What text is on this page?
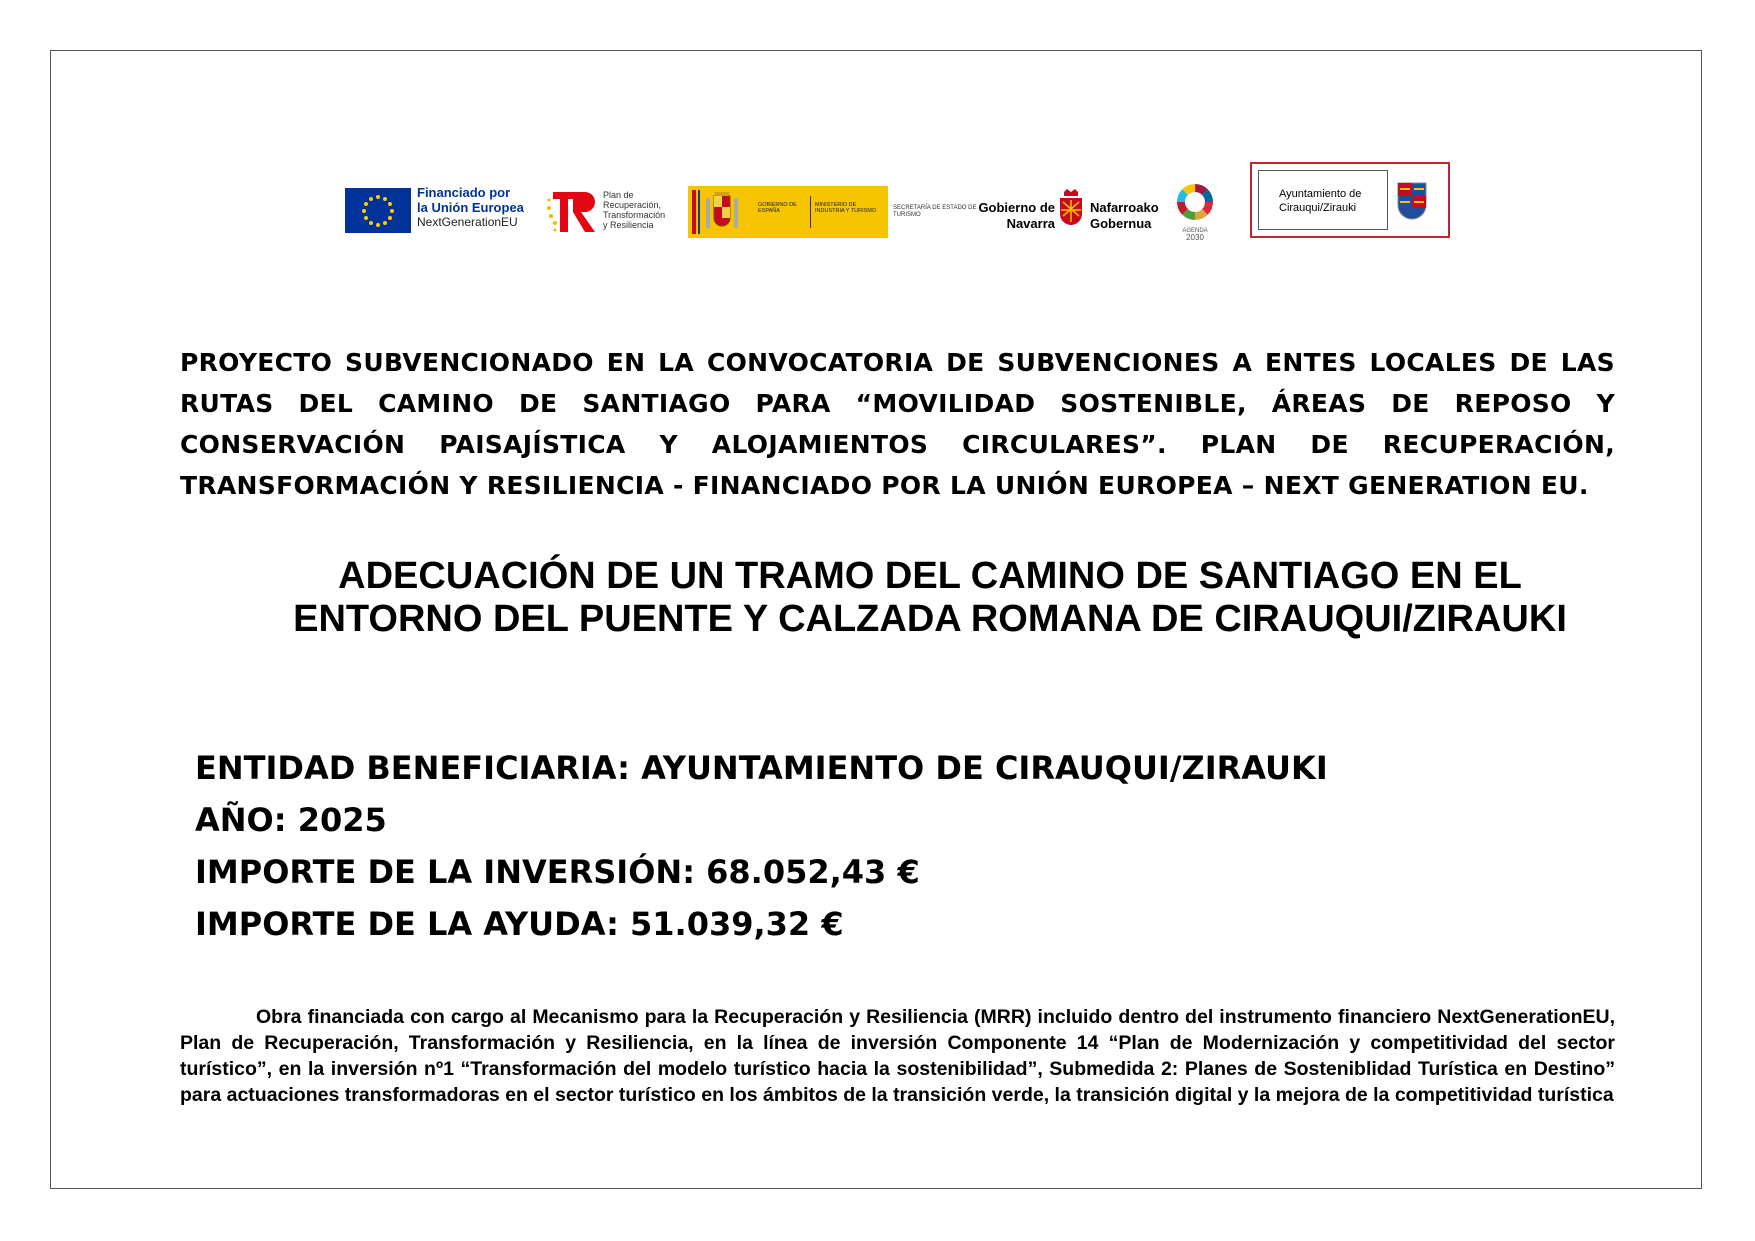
Financiado por
la Unión Europea
NextGenerationEU
Plan de
Recuperación,
Transformación
y Resiliencia
GOBIERNO DE ESPAÑA
MINISTERIO DE INDUSTRIA Y TURISMO	SECRETARÍA DE ESTADO DE TURISMO	Gobierno de Navarra
Nafarroako Gobernua	AGENDA
2030
Ayuntamiento de Cirauqui/Zirauki

PROYECTO SUBVENCIONADO EN LA CONVOCATORIA DE SUBVENCIONES A ENTES LOCALES DE LAS RUTAS DEL CAMINO DE SANTIAGO PARA “MOVILIDAD SOSTENIBLE, ÁREAS DE REPOSO Y CONSERVACIÓN PAISAJÍSTICA Y ALOJAMIENTOS CIRCULARES”. PLAN DE RECUPERACIÓN, TRANSFORMACIÓN Y RESILIENCIA - FINANCIADO POR LA UNIÓN EUROPEA – NEXT GENERATION EU.

ADECUACIÓN DE UN TRAMO DEL CAMINO DE SANTIAGO EN EL
ENTORNO DEL PUENTE Y CALZADA ROMANA DE CIRAUQUI/ZIRAUKI
ENTIDAD BENEFICIARIA: AYUNTAMIENTO DE CIRAUQUI/ZIRAUKI
AÑO: 2025
IMPORTE DE LA INVERSIÓN: 68.052,43 €
IMPORTE DE LA AYUDA: 51.039,32 €

Obra financiada con cargo al Mecanismo para la Recuperación y Resiliencia (MRR) incluido dentro del instrumento financiero NextGenerationEU, Plan de Recuperación, Transformación y Resiliencia, en la línea de inversión Componente 14 “Plan de Modernización y competitividad del sector turístico”, en la inversión nº1 “Transformación del modelo turístico hacia la sostenibilidad”, Submedida 2: Planes de Sosteniblidad Turística en Destino” para actuaciones transformadoras en el sector turístico en los ámbitos de la transición verde, la transición digital y la mejora de la competitividad turística
